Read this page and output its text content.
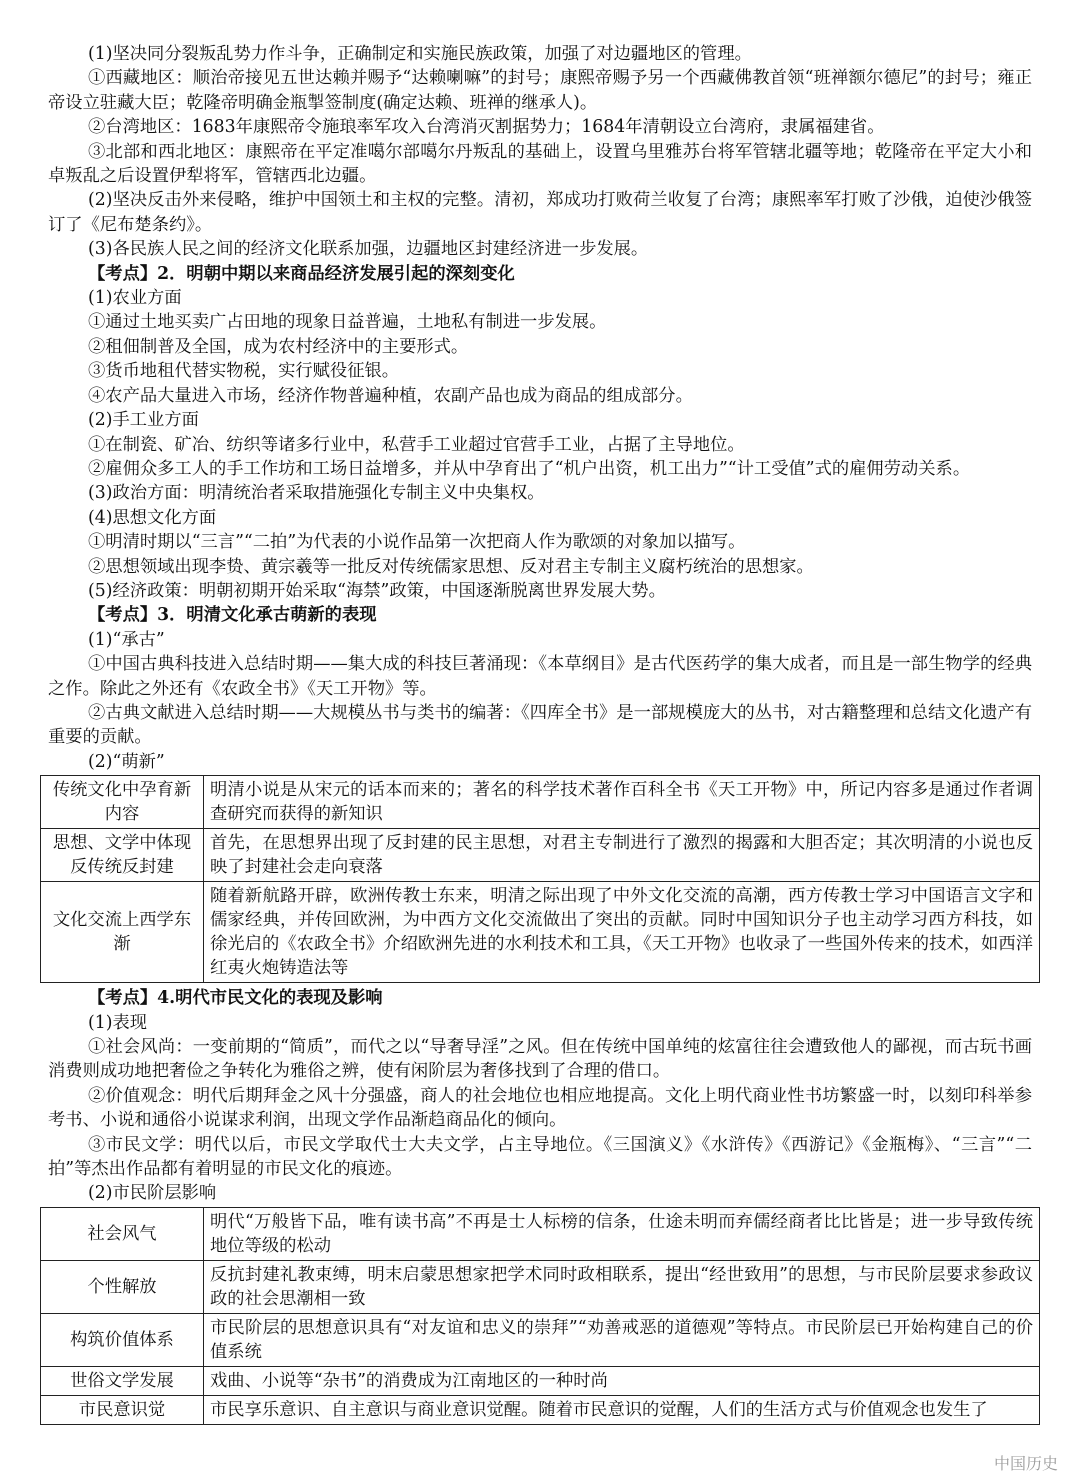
(1)坚决同分裂叛乱势力作斗争，正确制定和实施民族政策，加强了对边疆地区的管理。

①西藏地区：顺治帝接见五世达赖并赐予“达赖喇嘛”的封号；康熙帝赐予另一个西藏佛教首领“班禅额尔德尼”的封号；雍正帝设立驻藏大臣；乾隆帝明确金瓶掣签制度(确定达赖、班禅的继承人)。

②台湾地区：1683年康熙帝令施琅率军攻入台湾消灭割据势力；1684年清朝设立台湾府，隶属福建省。

③北部和西北地区：康熙帝在平定准噶尔部噶尔丹叛乱的基础上，设置乌里雅苏台将军管辖北疆等地；乾隆帝在平定大小和卓叛乱之后设置伊犁将军，管辖西北边疆。

(2)坚决反击外来侵略，维护中国领土和主权的完整。清初，郑成功打败荷兰收复了台湾；康熙率军打败了沙俄，迫使沙俄签订了《尼布楚条约》。

(3)各民族人民之间的经济文化联系加强，边疆地区封建经济进一步发展。

【考点】2．明朝中期以来商品经济发展引起的深刻变化

(1)农业方面

①通过土地买卖广占田地的现象日益普遍，土地私有制进一步发展。

②租佃制普及全国，成为农村经济中的主要形式。

③货币地租代替实物税，实行赋役征银。

④农产品大量进入市场，经济作物普遍种植，农副产品也成为商品的组成部分。

(2)手工业方面

①在制瓷、矿冶、纺织等诸多行业中，私营手工业超过官营手工业，占据了主导地位。

②雇佣众多工人的手工作坊和工场日益增多，并从中孕育出了“机户出资，机工出力”“计工受值”式的雇佣劳动关系。

(3)政治方面：明清统治者采取措施强化专制主义中央集权。

(4)思想文化方面

①明清时期以“三言”“二拍”为代表的小说作品第一次把商人作为歌颂的对象加以描写。

②思想领域出现李贽、黄宗羲等一批反对传统儒家思想、反对君主专制主义腐朽统治的思想家。

(5)经济政策：明朝初期开始采取“海禁”政策，中国逐渐脱离世界发展大势。

【考点】3．明清文化承古萌新的表现

(1)“承古”

①中国古典科技进入总结时期——集大成的科技巨著涌现：《本草纲目》是古代医药学的集大成者，而且是一部生物学的经典之作。除此之外还有《农政全书》《天工开物》等。

②古典文献进入总结时期——大规模丛书与类书的编著：《四库全书》是一部规模庞大的丛书，对古籍整理和总结文化遗产有重要的贡献。

(2)“萌新”

传统文化中孕育新内容	明清小说是从宋元的话本而来的；著名的科学技术著作百科全书《天工开物》中，所记内容多是通过作者调查研究而获得的新知识
思想、文学中体现反传统反封建	首先，在思想界出现了反封建的民主思想，对君主专制进行了激烈的揭露和大胆否定；其次明清的小说也反映了封建社会走向衰落
文化交流上西学东渐	随着新航路开辟，欧洲传教士东来，明清之际出现了中外文化交流的高潮，西方传教士学习中国语言文字和儒家经典，并传回欧洲，为中西方文化交流做出了突出的贡献。同时中国知识分子也主动学习西方科技，如徐光启的《农政全书》介绍欧洲先进的水利技术和工具，《天工开物》也收录了一些国外传来的技术，如西洋红夷火炮铸造法等

【考点】4.明代市民文化的表现及影响

(1)表现

①社会风尚：一变前期的“简质”，而代之以“导奢导淫”之风。但在传统中国单纯的炫富往往会遭致他人的鄙视，而古玩书画消费则成功地把奢俭之争转化为雅俗之辨，使有闲阶层为奢侈找到了合理的借口。

②价值观念：明代后期拜金之风十分强盛，商人的社会地位也相应地提高。文化上明代商业性书坊繁盛一时，以刻印科举参考书、小说和通俗小说谋求利润，出现文学作品渐趋商品化的倾向。

③市民文学：明代以后，市民文学取代士大夫文学，占主导地位。《三国演义》《水浒传》《西游记》《金瓶梅》、“三言”“二拍”等杰出作品都有着明显的市民文化的痕迹。

(2)市民阶层影响

社会风气	明代“万般皆下品，唯有读书高”不再是士人标榜的信条，仕途未明而弃儒经商者比比皆是；进一步导致传统地位等级的松动
个性解放	反抗封建礼教束缚，明末启蒙思想家把学术同时政相联系，提出“经世致用”的思想，与市民阶层要求参政议政的社会思潮相一致
构筑价值体系	市民阶层的思想意识具有“对友谊和忠义的崇拜”“劝善戒恶的道德观”等特点。市民阶层已开始构建自己的价值系统
世俗文学发展	戏曲、小说等“杂书”的消费成为江南地区的一种时尚
市民意识觉	市民享乐意识、自主意识与商业意识觉醒。随着市民意识的觉醒，人们的生活方式与价值观念也发生了
中国历史
